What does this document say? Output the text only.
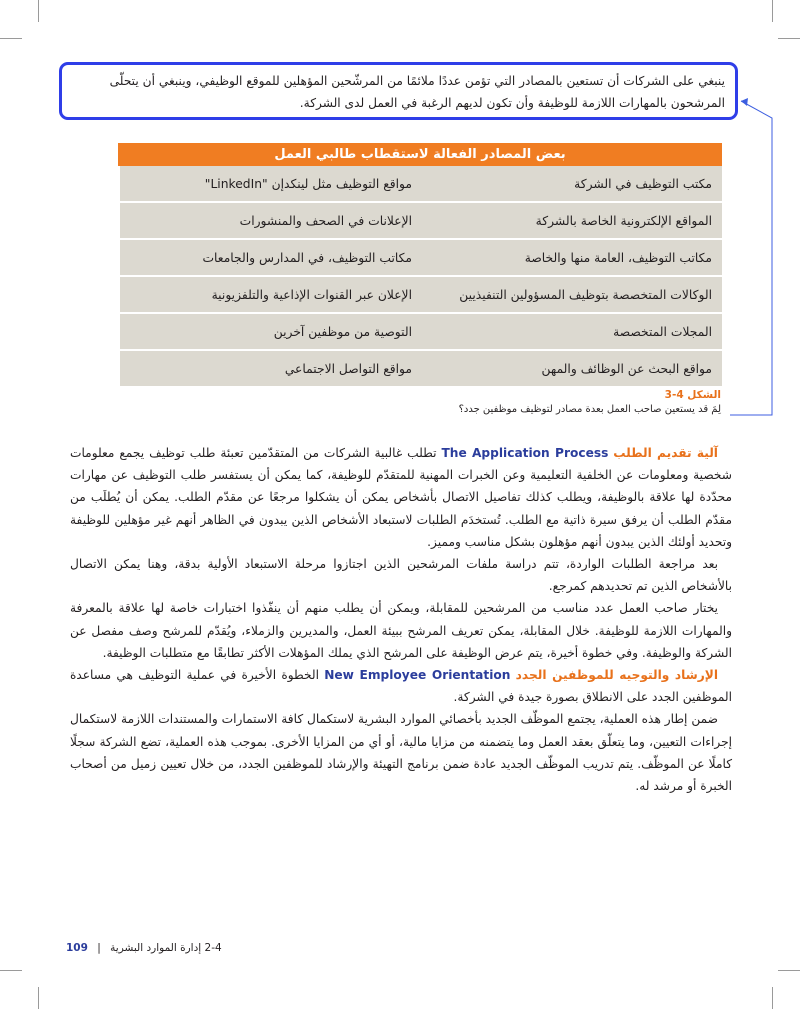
ينبغي على الشركات أن تستعين بالمصادر التي تؤمن عددًا ملائمًا من المرشّحين المؤهلين للموقع الوظيفي، وينبغي أن يتحلّى المرشحون بالمهارات اللازمة للوظيفة وأن تكون لديهم الرغبة في العمل لدى الشركة.
بعض المصادر الفعالة لاستقطاب طالبي العمل	
مكتب التوظيف في الشركة	مواقع التوظيف مثل لينكدإن "LinkedIn"
المواقع الإلكترونية الخاصة بالشركة	الإعلانات في الصحف والمنشورات
مكاتب التوظيف، العامة منها والخاصة	مكاتب التوظيف، في المدارس والجامعات
الوكالات المتخصصة بتوظيف المسؤولين التنفيذيين	الإعلان عبر القنوات الإذاعية والتلفزيونية
المجلات المتخصصة	التوصية من موظفين آخرين
مواقع البحث عن الوظائف والمهن	مواقع التواصل الاجتماعي
الشكل 4-3
لِمَ قد يستعين صاحب العمل بعدة مصادر لتوظيف موظفين جدد؟

آلية تقديم الطلب The Application Process تطلب غالبية الشركات من المتقدّمين تعبئة طلب توظيف يجمع معلومات شخصية ومعلومات عن الخلفية التعليمية وعن الخبرات المهنية للمتقدّم للوظيفة، كما يمكن أن يستفسر طلب التوظيف عن مهارات محدّدة لها علاقة بالوظيفة، ويطلب كذلك تفاصيل الاتصال بأشخاص يمكن أن يشكلوا مرجعًا عن مقدّم الطلب. يمكن أن يُطلَب من مقدّم الطلب أن يرفق سيرة ذاتية مع الطلب. تُستخدَم الطلبات لاستبعاد الأشخاص الذين يبدون في الظاهر أنهم غير مؤهلين للوظيفة وتحديد أولئك الذين يبدون أنهم مؤهلون بشكل مناسب ومميز.

بعد مراجعة الطلبات الواردة، تتم دراسة ملفات المرشحين الذين اجتازوا مرحلة الاستبعاد الأولية بدقة، وهنا يمكن الاتصال بالأشخاص الذين تم تحديدهم كمرجع.

يختار صاحب العمل عدد مناسب من المرشحين للمقابلة، ويمكن أن يطلب منهم أن ينفّذوا اختبارات خاصة لها علاقة بالمعرفة والمهارات اللازمة للوظيفة. خلال المقابلة، يمكن تعريف المرشح ببيئة العمل، والمديرين والزملاء، ويُقدّم للمرشح وصف مفصل عن الشركة والوظيفة. وفي خطوة أخيرة، يتم عرض الوظيفة على المرشح الذي يملك المؤهلات الأكثر تطابقًا مع متطلبات الوظيفة.

الإرشاد والتوجيه للموظفين الجدد New Employee Orientation الخطوة الأخيرة في عملية التوظيف هي مساعدة الموظفين الجدد على الانطلاق بصورة جيدة في الشركة.

ضمن إطار هذه العملية، يجتمع الموظّف الجديد بأخصائي الموارد البشرية لاستكمال كافة الاستمارات والمستندات اللازمة لاستكمال إجراءات التعيين، وما يتعلّق بعقد العمل وما يتضمنه من مزايا مالية، أو أي من المزايا الأخرى. بموجب هذه العملية، تضع الشركة سجلًا كاملًا عن الموظّف. يتم تدريب الموظّف الجديد عادة ضمن برنامج التهيئة والإرشاد للموظفين الجدد، من خلال تعيين زميل من أصحاب الخبرة أو مرشد له.

109 | 2-4 إدارة الموارد البشرية
